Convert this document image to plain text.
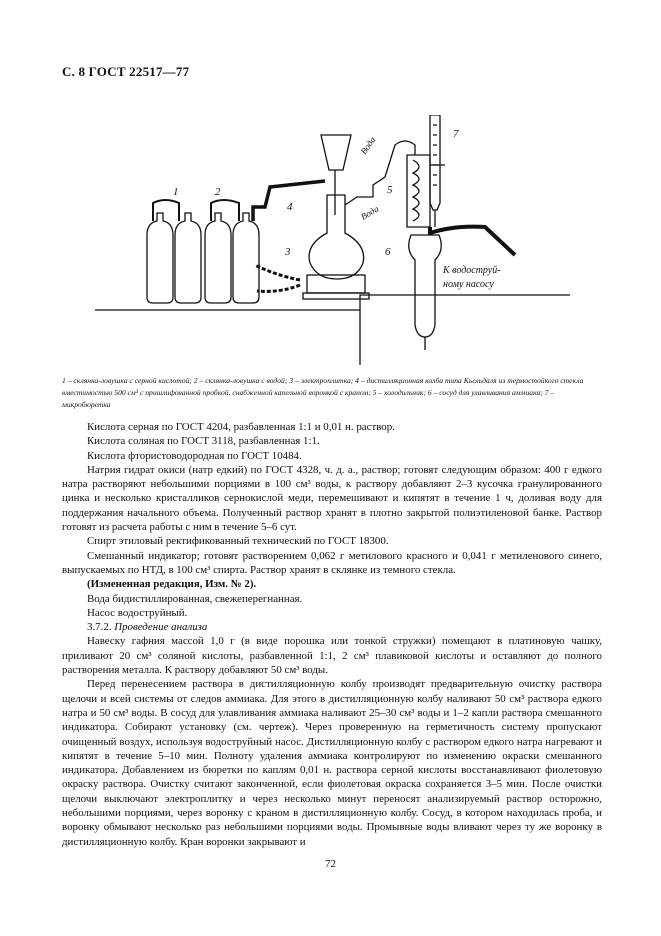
С. 8 ГОСТ 22517—77
1	2
3
4
5
6
7
Вода
Вода
К водоструй-
ному насосу
1 – склянка-ловушка с серной кислотой; 2 – склянка-ловушка с водой; 3 – электроплитка; 4 – дистилляционная колба типа Кьельдаля из термостойкого стекла вместимостью 500 см³ с пришлифованной пробкой, снабженной капельной воронкой с краном; 5 – холодильник; 6 – сосуд для улавливания аммиака; 7 – микробюретка

Кислота серная по ГОСТ 4204, разбавленная 1:1 и 0,01 н. раствор.

Кислота соляная по ГОСТ 3118, разбавленная 1:1.

Кислота фтористоводородная по ГОСТ 10484.

Натрия гидрат окиси (натр едкий) по ГОСТ 4328, ч. д. а., раствор; готовят следующим образом: 400 г едкого натра растворяют небольшими порциями в 100 см³ воды, к раствору добавляют 2–3 кусочка гранулированного цинка и несколько кристалликов сернокислой меди, перемешивают и кипятят в течение 1 ч, доливая воду для поддержания начального объема. Полученный раствор хранят в плотно закрытой полиэтиленовой банке. Раствор готовят из расчета работы с ним в течение 5–6 сут.

Спирт этиловый ректификованный технический по ГОСТ 18300.

Смешанный индикатор; готовят растворением 0,062 г метилового красного и 0,041 г метиленового синего, выпускаемых по НТД, в 100 см³ спирта. Раствор хранят в склянке из темного стекла.

(Измененная редакция, Изм. № 2).

Вода бидистиллированная, свежеперегнанная.

Насос водоструйный.

3.7.2. Проведение анализа

Навеску гафния массой 1,0 г (в виде порошка или тонкой стружки) помещают в платиновую чашку, приливают 20 см³ соляной кислоты, разбавленной 1:1, 2 см³ плавиковой кислоты и оставляют до полного растворения металла. К раствору добавляют 50 см³ воды.

Перед перенесением раствора в дистилляционную колбу производят предварительную очистку раствора щелочи и всей системы от следов аммиака. Для этого в дистилляционную колбу наливают 50 см³ раствора едкого натра и 50 см³ воды. В сосуд для улавливания аммиака наливают 25–30 см³ воды и 1–2 капли раствора смешанного индикатора. Собирают установку (см. чертеж). Через проверенную на герметичность систему пропускают очищенный воздух, используя водоструйный насос. Дистилляционную колбу с раствором едкого натра нагревают и кипятят в течение 5–10 мин. Полноту удаления аммиака контролируют по изменению окраски смешанного индикатора. Добавлением из бюретки по каплям 0,01 н. раствора серной кислоты восстанавливают фиолетовую окраску раствора. Очистку считают законченной, если фиолетовая окраска сохраняется 3–5 мин. После очистки щелочи выключают электроплитку и через несколько минут переносят анализируемый раствор осторожно, небольшими порциями, через воронку с краном в дистилляционную колбу. Сосуд, в котором находилась проба, и воронку обмывают несколько раз небольшими порциями воды. Промывные воды вливают через ту же воронку в дистилляционную колбу. Кран воронки закрывают и

72
